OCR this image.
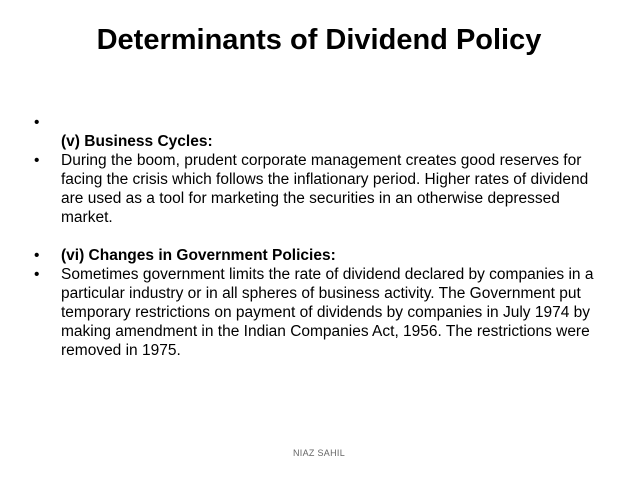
Determinants of Dividend Policy
•
(v) Business Cycles:
•	During the boom, prudent corporate management creates good reserves for facing the crisis which follows the inflationary period. Higher rates of dividend are used as a tool for marketing the securities in an otherwise depressed market.
•	(vi) Changes in Government Policies:
•	Sometimes government limits the rate of dividend declared by companies in a particular industry or in all spheres of business activity. The Government put temporary restrictions on payment of dividends by companies in July 1974 by making amendment in the Indian Companies Act, 1956. The restrictions were removed in 1975.
NIAZ SAHIL
